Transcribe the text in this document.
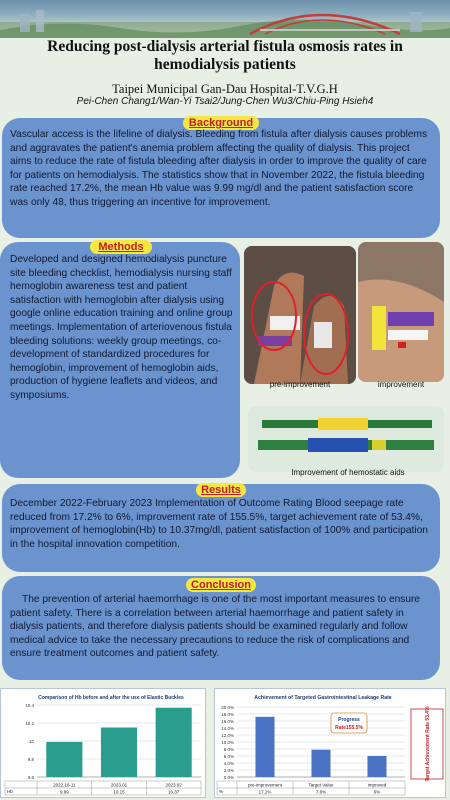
Reducing post-dialysis arterial fistula osmosis rates in hemodialysis patients
Taipei Municipal Gan-Dau Hospital-T.V.G.H
Pei-Chen Chang1/Wan-Yi Tsai2/Jung-Chen Wu3/Chiu-Ping Hsieh4
Background
Vascular access is the lifeline of dialysis. Bleeding from fistula after dialysis causes problems and aggravates the patient's anemia problem affecting the quality of dialysis. This project aims to reduce the rate of fistula bleeding after dialysis in order to improve the quality of care for patients on hemodialysis. The statistics show that in November 2022, the fistula bleeding rate reached 17.2%, the mean Hb value was 9.99 mg/dl and the patient satisfaction score was only 48, thus triggering an incentive for improvement.
Methods
Developed and designed hemodialysis puncture site bleeding checklist, hemodialysis nursing staff hemoglobin awareness test and patient satisfaction with hemoglobin after dialysis using google online education training and online group meetings. Implementation of arteriovenous fistula bleeding solutions: weekly group meetings, co-development of standardized procedures for hemoglobin, improvement of hemoglobin aids, production of hygiene leaflets and videos, and symposiums.
pre-improvement	improvement
Improvement of hemostatic aids
Results
December 2022-February 2023 Implementation of Outcome Rating Blood seepage rate reduced from 17.2% to 6%, improvement rate of 155.5%, target achievement rate of 53.4%, improvement of hemoglobin(Hb) to 10.37mg/dl, patient satisfaction of 100% and participation in the hospital innovation competition.
Conclusion
The prevention of arterial haemorrhage is one of the most important measures to ensure patient safety. There is a correlation between arterial haemorrhage and patient safety in dialysis patients, and therefore dialysis patients should be examined regularly and follow medical advice to take the necessary precautions to reduce the risk of complications and ensure treatment outcomes and patient safety.
Comparison of Hb before and after the use of Elastic Buckles
9.6
9.8
10
10.2
10.4
Hb
2022.10-11
9.99
2023.01
10.15
2023.02
10.37
Achievement of Targeted Gastrointestinal Leakage Rate
0.0%
2.0%
4.0%
6.0%
8.0%
10.0%
12.0%
14.0%
16.0%
18.0%
20.0%
%
pre-improvement
17.2%
Target Value
7.8%
improved
6%
Progress
Rate155.5%	Target Achievement Rate 53.4%
